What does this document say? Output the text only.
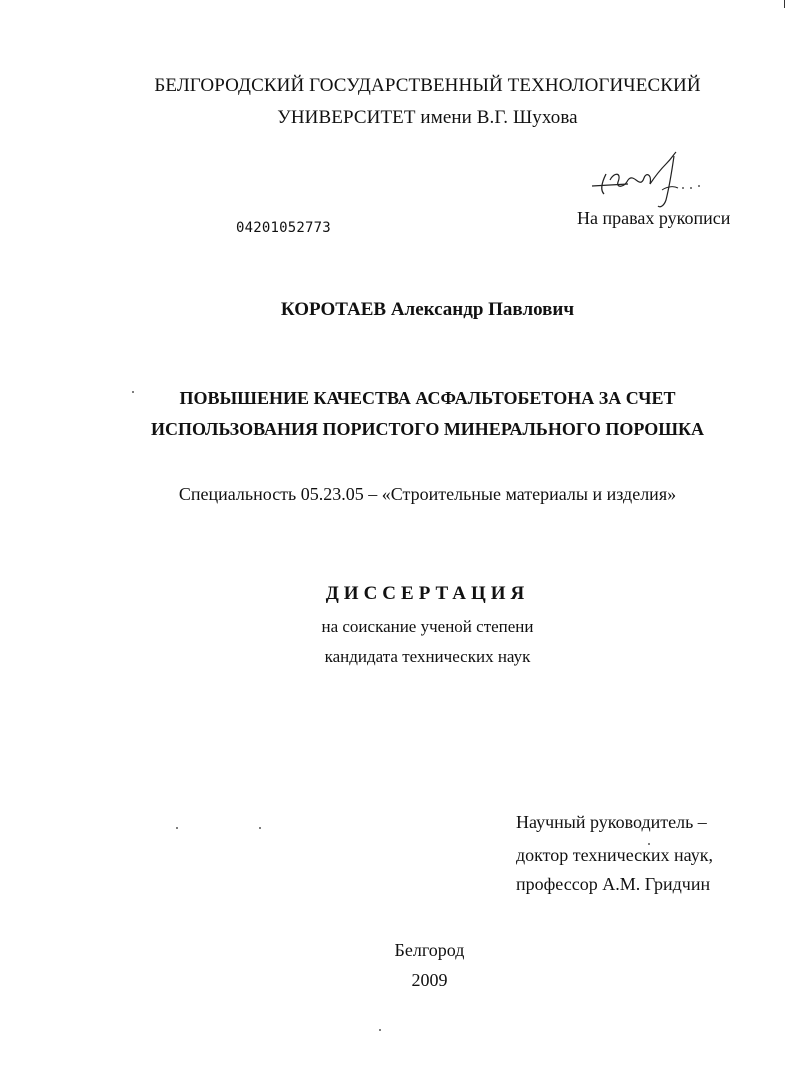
БЕЛГОРОДСКИЙ ГОСУДАРСТВЕННЫЙ ТЕХНОЛОГИЧЕСКИЙ
УНИВЕРСИТЕТ имени В.Г. Шухова
На правах рукописи
04201052773
КОРОТАЕВ Александр Павлович
ПОВЫШЕНИЕ КАЧЕСТВА АСФАЛЬТОБЕТОНА ЗА СЧЕТ
ИСПОЛЬЗОВАНИЯ ПОРИСТОГО МИНЕРАЛЬНОГО ПОРОШКА
Специальность 05.23.05 – «Строительные материалы и изделия»
ДИССЕРТАЦИЯ
на соискание ученой степени
кандидата технических наук
Научный руководитель –
доктор технических наук,
профессор А.М. Гридчин
Белгород
2009
